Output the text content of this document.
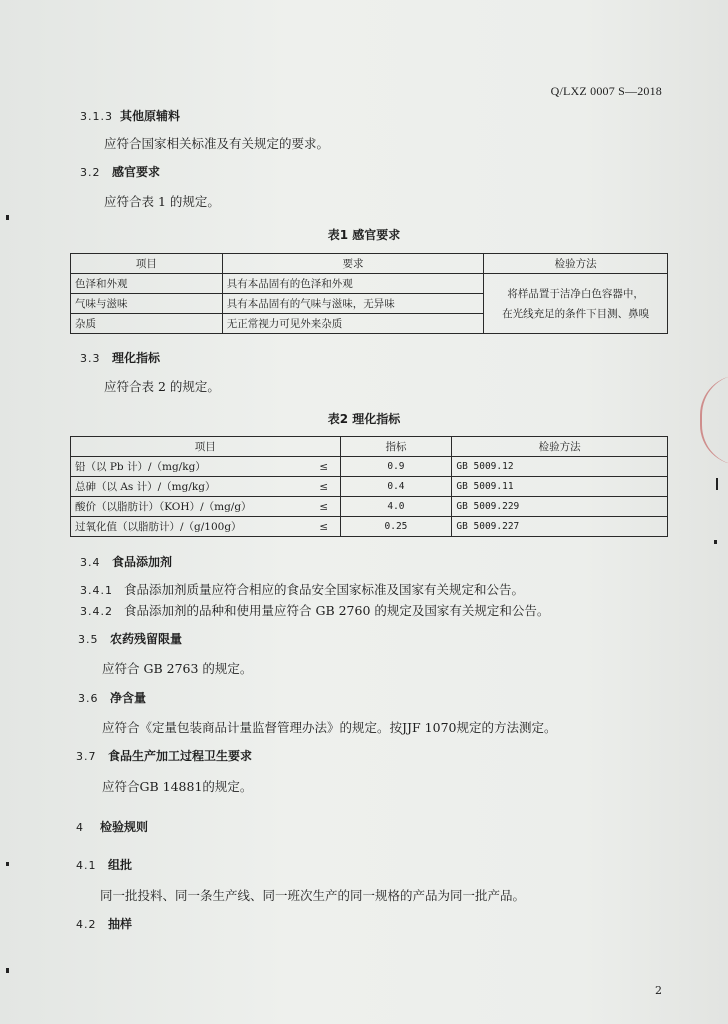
Q/LXZ 0007 S—2018
3.1.3 其他原辅料
应符合国家相关标准及有关规定的要求。
3.2 感官要求
应符合表 1 的规定。
表1 感官要求
项目	要求	检验方法
色泽和外观	具有本品固有的色泽和外观	将样品置于洁净白色容器中，
在光线充足的条件下目测、鼻嗅

气味与滋味	具有本品固有的气味与滋味，无异味	
杂质	无正常视力可见外来杂质	
3.3 理化指标
应符合表 2 的规定。
表2 理化指标
项目		指标	检验方法
铅（以 Pb 计）/（mg/kg）	≤	0.9	GB 5009.12
总砷（以 As 计）/（mg/kg）	≤	0.4	GB 5009.11
酸价（以脂肪计）（KOH）/（mg/g）	≤	4.0	GB 5009.229
过氧化值（以脂肪计）/（g/100g）	≤	0.25	GB 5009.227
3.4 食品添加剂
3.4.1 食品添加剂质量应符合相应的食品安全国家标准及国家有关规定和公告。
3.4.2 食品添加剂的品种和使用量应符合 GB 2760 的规定及国家有关规定和公告。
3.5 农药残留限量
应符合 GB 2763 的规定。
3.6 净含量
应符合《定量包装商品计量监督管理办法》的规定。按JJF 1070规定的方法测定。
3.7 食品生产加工过程卫生要求
应符合GB 14881的规定。
4 检验规则
4.1 组批
同一批投料、同一条生产线、同一班次生产的同一规格的产品为同一批产品。
4.2 抽样
2
